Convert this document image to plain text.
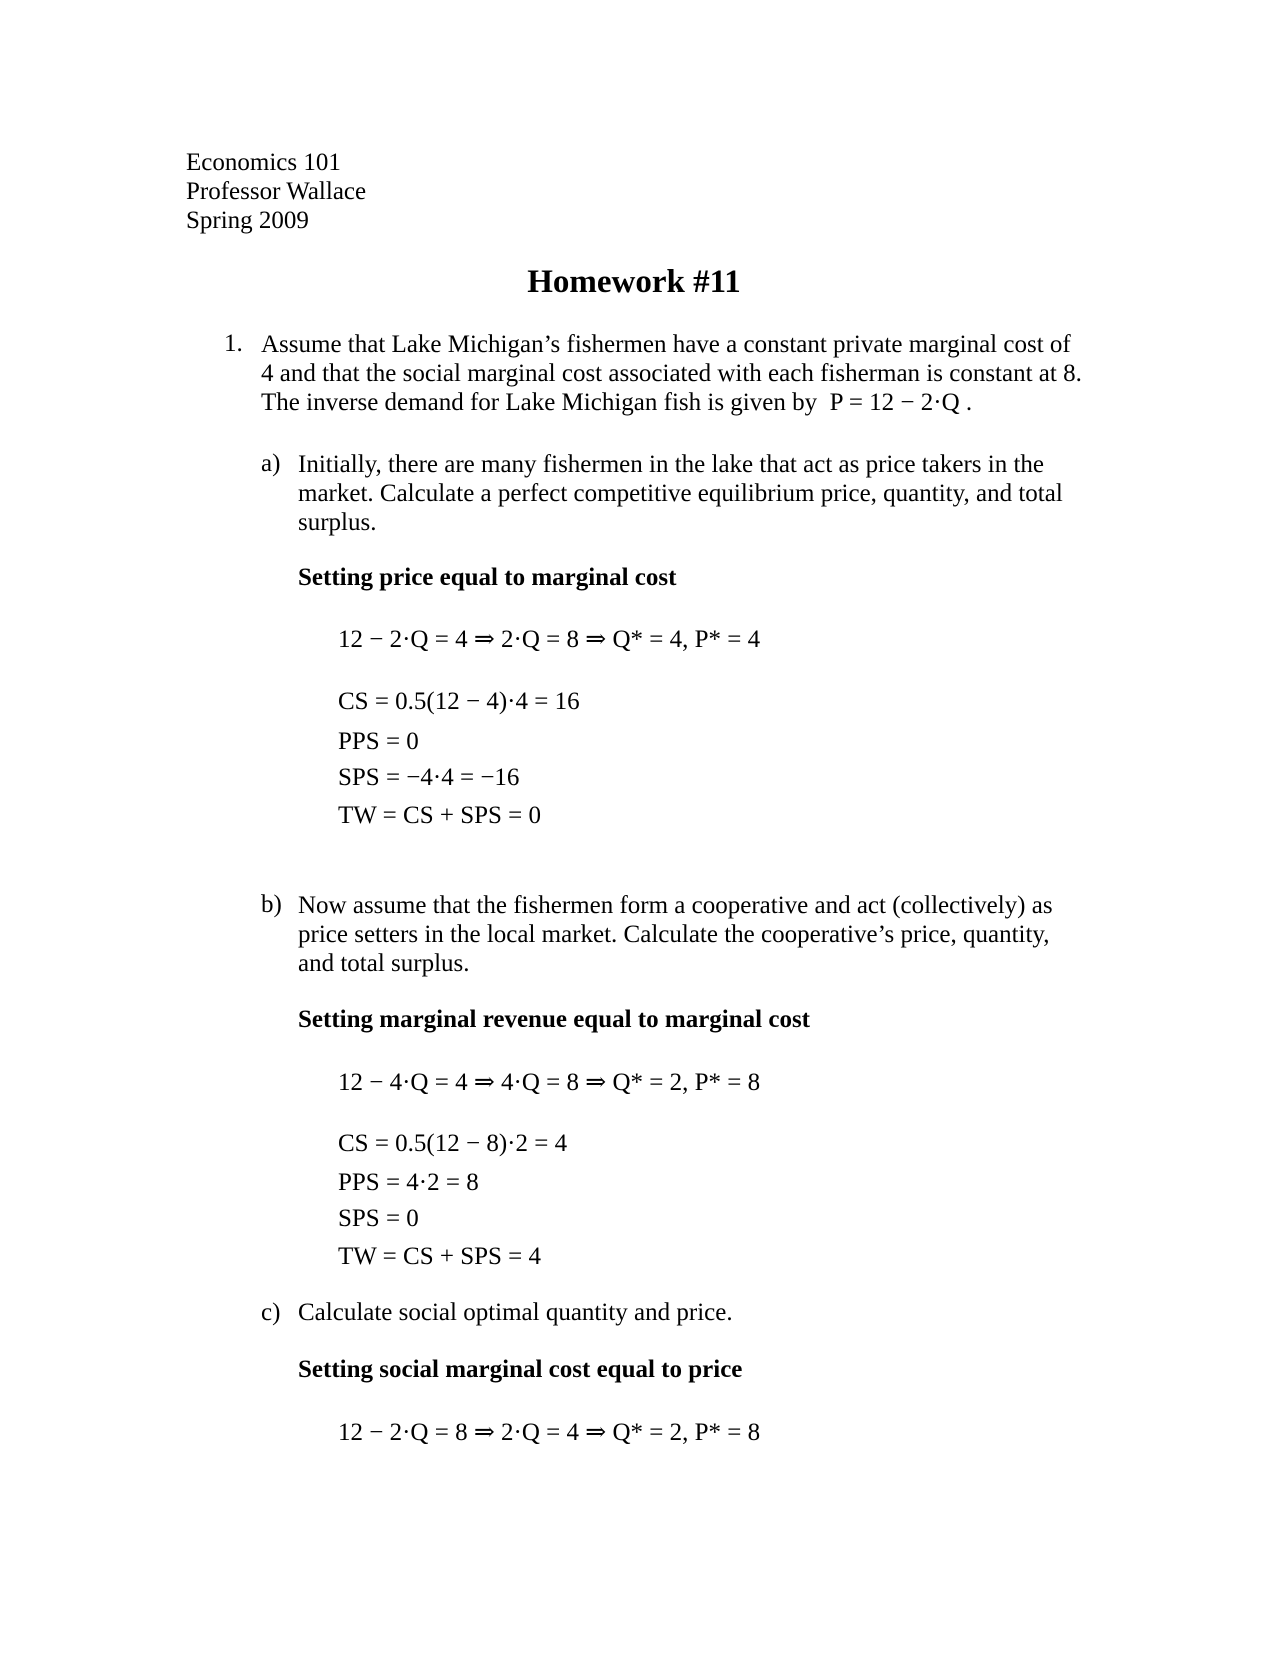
Economics 101
Professor Wallace
Spring 2009
Homework #11
1. Assume that Lake Michigan’s fishermen have a constant private marginal cost of
4 and that the social marginal cost associated with each fisherman is constant at 8.
The inverse demand for Lake Michigan fish is given by P = 12 − 2·Q .
a) Initially, there are many fishermen in the lake that act as price takers in the
market. Calculate a perfect competitive equilibrium price, quantity, and total
surplus.
Setting price equal to marginal cost
12 − 2·Q = 4 ⇒ 2·Q = 8 ⇒ Q* = 4, P* = 4
CS = 0.5(12 − 4)·4 = 16
PPS = 0
SPS = −4·4 = −16
TW = CS + SPS = 0
b) Now assume that the fishermen form a cooperative and act (collectively) as
price setters in the local market. Calculate the cooperative’s price, quantity,
and total surplus.
Setting marginal revenue equal to marginal cost
12 − 4·Q = 4 ⇒ 4·Q = 8 ⇒ Q* = 2, P* = 8
CS = 0.5(12 − 8)·2 = 4
PPS = 4·2 = 8
SPS = 0
TW = CS + SPS = 4
c) Calculate social optimal quantity and price.
Setting social marginal cost equal to price
12 − 2·Q = 8 ⇒ 2·Q = 4 ⇒ Q* = 2, P* = 8
